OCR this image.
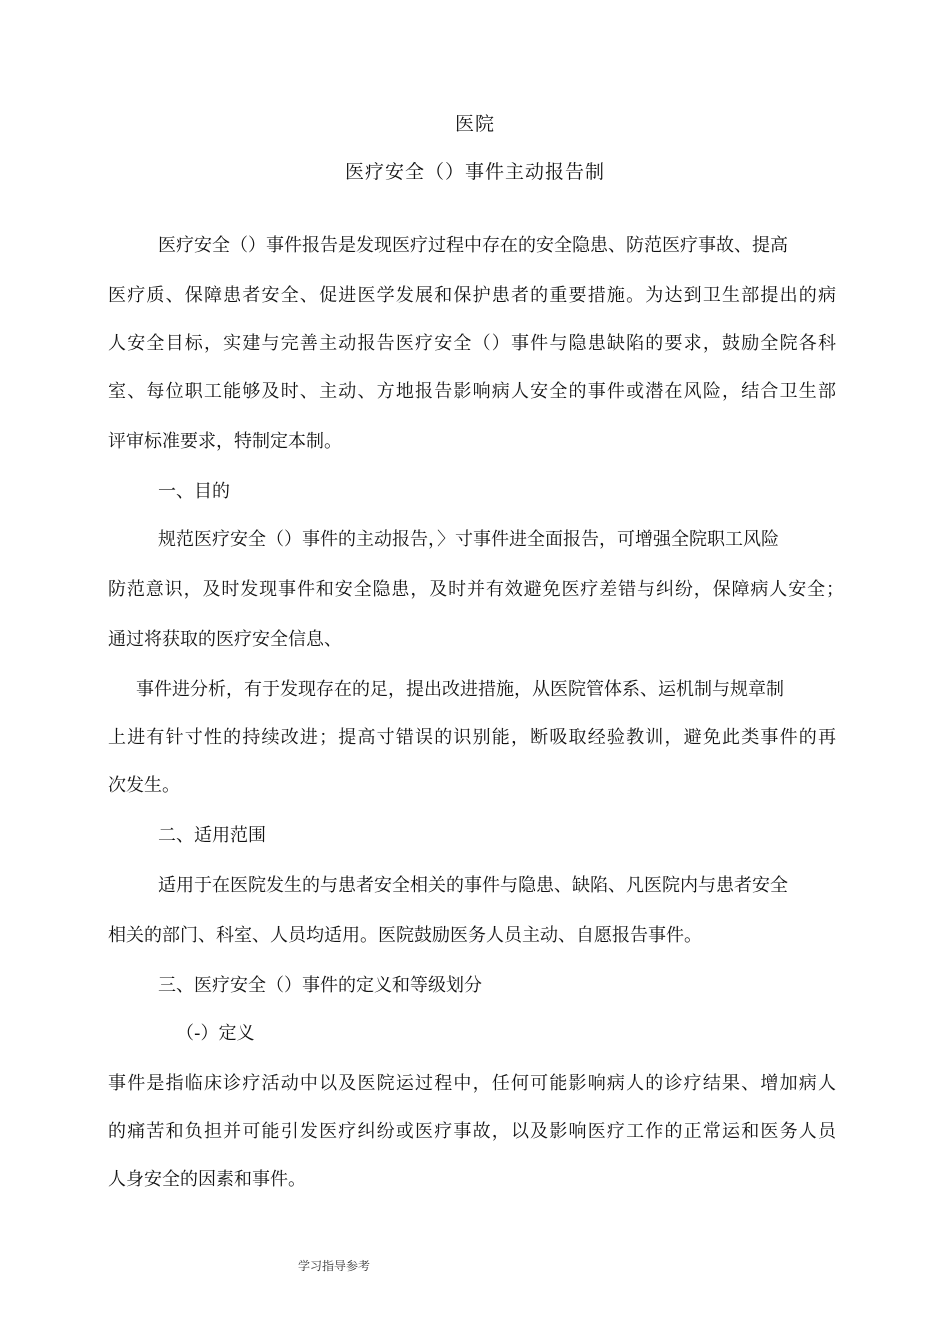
医院
医疗安全（）事件主动报告制
医疗安全（）事件报告是发现医疗过程中存在的安全隐患、防范医疗事故、提高
医疗质、保障患者安全、促进医学发展和保护患者的重要措施。为达到卫生部提出的病
人安全目标，实建与完善主动报告医疗安全（）事件与隐患缺陷的要求，鼓励全院各科
室、每位职工能够及时、主动、方地报告影响病人安全的事件或潜在风险，结合卫生部
评审标准要求，特制定本制。
一、目的
规范医疗安全（）事件的主动报告，〉寸事件进全面报告，可增强全院职工风险
防范意识，及时发现事件和安全隐患，及时并有效避免医疗差错与纠纷，保障病人安全；
通过将获取的医疗安全信息、
事件进分析，有于发现存在的足，提出改进措施，从医院管体系、运机制与规章制
上进有针寸性的持续改进；提高寸错误的识别能，断吸取经验教训，避免此类事件的再
次发生。
二、适用范围
适用于在医院发生的与患者安全相关的事件与隐患、缺陷、凡医院内与患者安全
相关的部门、科室、人员均适用。医院鼓励医务人员主动、自愿报告事件。
三、医疗安全（）事件的定义和等级划分
（-）定义
事件是指临床诊疗活动中以及医院运过程中，任何可能影响病人的诊疗结果、增加病人
的痛苦和负担并可能引发医疗纠纷或医疗事故，以及影响医疗工作的正常运和医务人员
人身安全的因素和事件。
学习指导参考
